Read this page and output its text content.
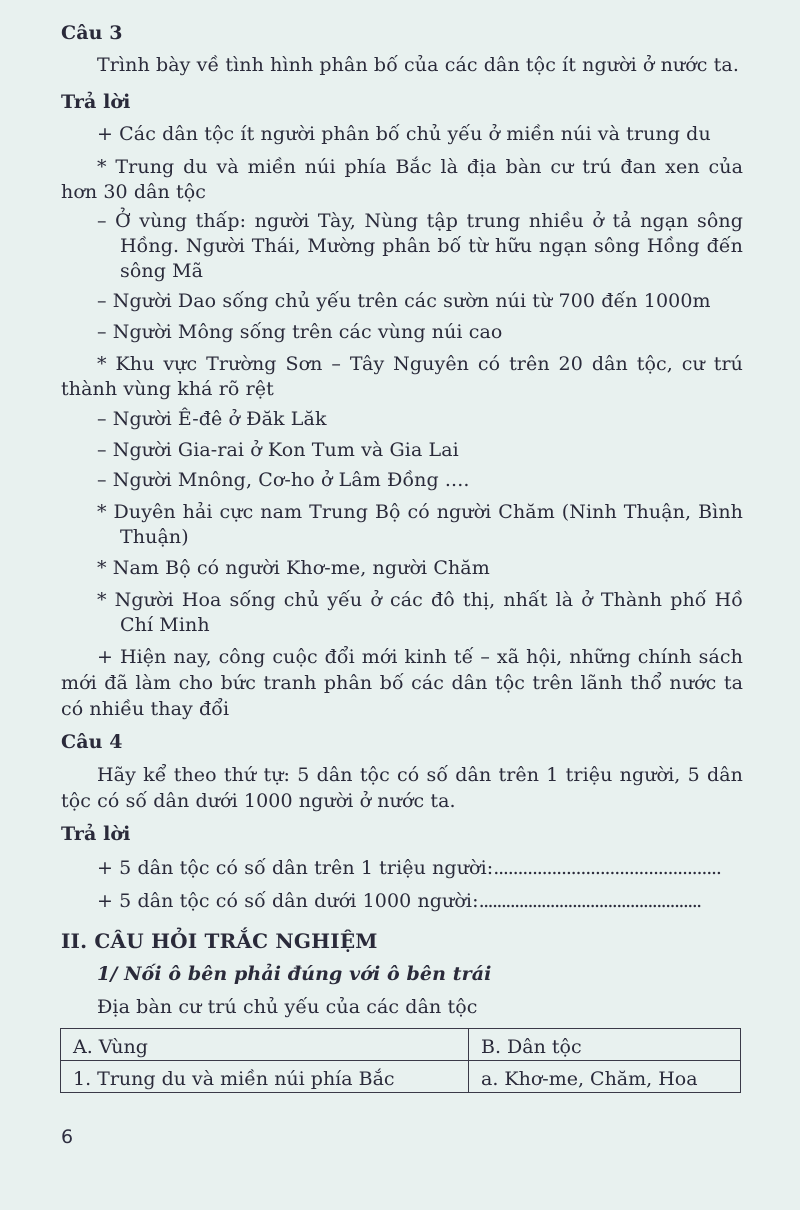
Câu 3
Trình bày về tình hình phân bố của các dân tộc ít người ở nước ta.
Trả lời
+ Các dân tộc ít người phân bố chủ yếu ở miền núi và trung du
* Trung du và miền núi phía Bắc là địa bàn cư trú đan xen của
hơn 30 dân tộc
– Ở vùng thấp: người Tày, Nùng tập trung nhiều ở tả ngạn sông
Hồng. Người Thái, Mường phân bố từ hữu ngạn sông Hồng đến
sông Mã
– Người Dao sống chủ yếu trên các sườn núi từ 700 đến 1000m
– Người Mông sống trên các vùng núi cao
* Khu vực Trường Sơn – Tây Nguyên có trên 20 dân tộc, cư trú
thành vùng khá rõ rệt
– Người Ê-đê ở Đăk Lăk
– Người Gia-rai ở Kon Tum và Gia Lai
– Người Mnông, Cơ-ho ở Lâm Đồng ....
* Duyên hải cực nam Trung Bộ có người Chăm (Ninh Thuận, Bình
Thuận)
* Nam Bộ có người Khơ-me, người Chăm
* Người Hoa sống chủ yếu ở các đô thị, nhất là ở Thành phố Hồ
Chí Minh
+ Hiện nay, công cuộc đổi mới kinh tế – xã hội, những chính sách
mới đã làm cho bức tranh phân bố các dân tộc trên lãnh thổ nước ta
có nhiều thay đổi
Câu 4
Hãy kể theo thứ tự: 5 dân tộc có số dân trên 1 triệu người, 5 dân
tộc có số dân dưới 1000 người ở nước ta.
Trả lời
+ 5 dân tộc có số dân trên 1 triệu người:...............................................
+ 5 dân tộc có số dân dưới 1000 người:..................................................
II. CÂU HỎI TRẮC NGHIỆM
1/ Nối ô bên phải đúng với ô bên trái
Địa bàn cư trú chủ yếu của các dân tộc
A. Vùng	B. Dân tộc
1. Trung du và miền núi phía Bắc	a. Khơ-me, Chăm, Hoa
6
